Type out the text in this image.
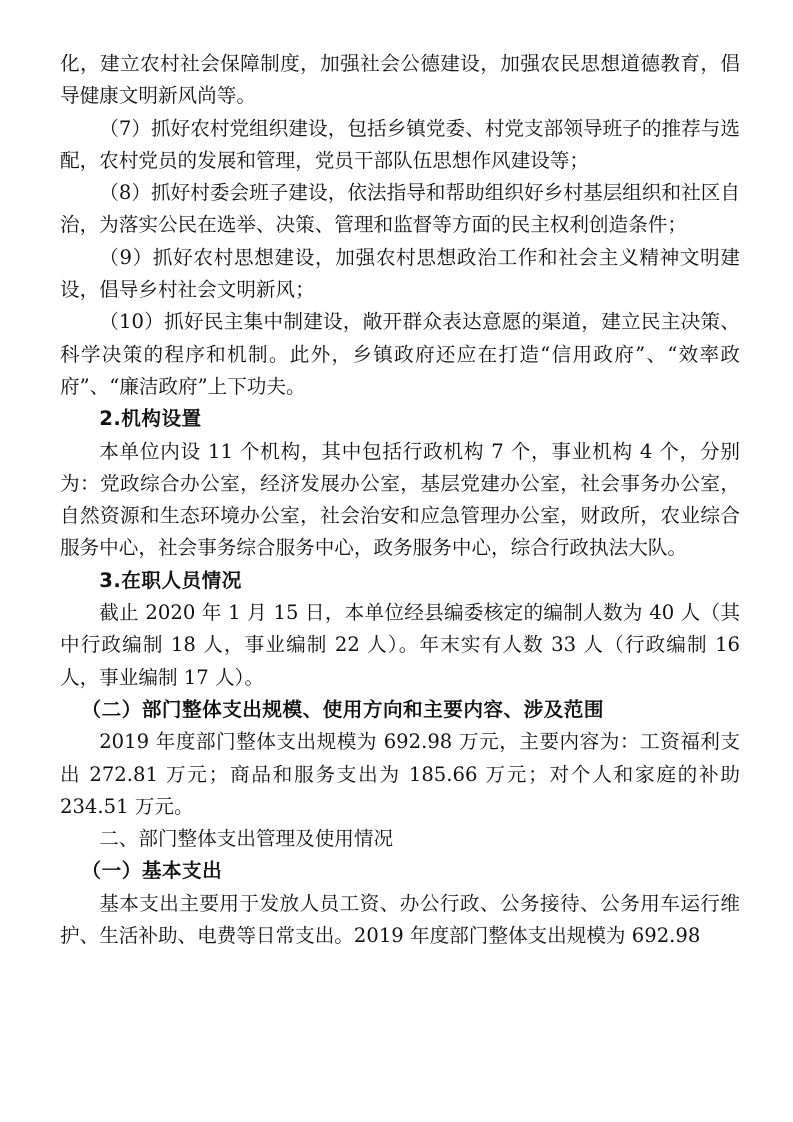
化，建立农村社会保障制度，加强社会公德建设，加强农民思想道德教育，倡导健康文明新风尚等。

（7）抓好农村党组织建设，包括乡镇党委、村党支部领导班子的推荐与选配，农村党员的发展和管理，党员干部队伍思想作风建设等；

（8）抓好村委会班子建设，依法指导和帮助组织好乡村基层组织和社区自治，为落实公民在选举、决策、管理和监督等方面的民主权利创造条件；

（9）抓好农村思想建设，加强农村思想政治工作和社会主义精神文明建设，倡导乡村社会文明新风；

（10）抓好民主集中制建设，敞开群众表达意愿的渠道，建立民主决策、科学决策的程序和机制。此外，乡镇政府还应在打造“信用政府”、“效率政府”、“廉洁政府”上下功夫。

2.机构设置

本单位内设 11 个机构，其中包括行政机构 7 个，事业机构 4 个，分别为：党政综合办公室，经济发展办公室，基层党建办公室，社会事务办公室，自然资源和生态环境办公室，社会治安和应急管理办公室，财政所，农业综合服务中心，社会事务综合服务中心，政务服务中心，综合行政执法大队。

3.在职人员情况

截止 2020 年 1 月 15 日，本单位经县编委核定的编制人数为 40 人（其中行政编制 18 人，事业编制 22 人）。年末实有人数 33 人（行政编制 16 人，事业编制 17 人）。

（二）部门整体支出规模、使用方向和主要内容、涉及范围

2019 年度部门整体支出规模为 692.98 万元，主要内容为：工资福利支出 272.81 万元；商品和服务支出为 185.66 万元；对个人和家庭的补助 234.51 万元。

二、部门整体支出管理及使用情况

（一）基本支出

基本支出主要用于发放人员工资、办公行政、公务接待、公务用车运行维护、生活补助、电费等日常支出。2019 年度部门整体支出规模为 692.98
